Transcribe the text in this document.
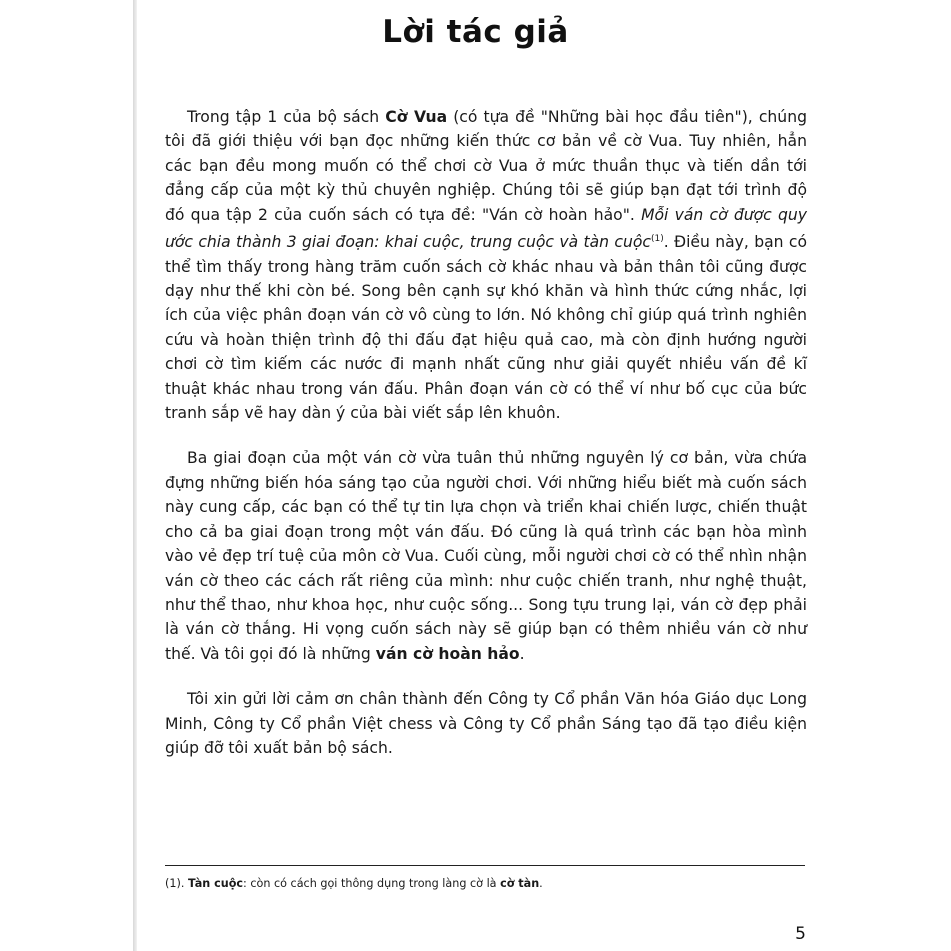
Lời tác giả

Trong tập 1 của bộ sách Cờ Vua (có tựa đề "Những bài học đầu tiên"), chúng tôi đã giới thiệu với bạn đọc những kiến thức cơ bản về cờ Vua. Tuy nhiên, hẳn các bạn đều mong muốn có thể chơi cờ Vua ở mức thuần thục và tiến dần tới đẳng cấp của một kỳ thủ chuyên nghiệp. Chúng tôi sẽ giúp bạn đạt tới trình độ đó qua tập 2 của cuốn sách có tựa đề: "Ván cờ hoàn hảo". Mỗi ván cờ được quy ước chia thành 3 giai đoạn: khai cuộc, trung cuộc và tàn cuộc$^{(1)}$. Điều này, bạn có thể tìm thấy trong hàng trăm cuốn sách cờ khác nhau và bản thân tôi cũng được dạy như thế khi còn bé. Song bên cạnh sự khó khăn và hình thức cứng nhắc, lợi ích của việc phân đoạn ván cờ vô cùng to lớn. Nó không chỉ giúp quá trình nghiên cứu và hoàn thiện trình độ thi đấu đạt hiệu quả cao, mà còn định hướng người chơi cờ tìm kiếm các nước đi mạnh nhất cũng như giải quyết nhiều vấn đề kĩ thuật khác nhau trong ván đấu. Phân đoạn ván cờ có thể ví như bố cục của bức tranh sắp vẽ hay dàn ý của bài viết sắp lên khuôn.

Ba giai đoạn của một ván cờ vừa tuân thủ những nguyên lý cơ bản, vừa chứa đựng những biến hóa sáng tạo của người chơi. Với những hiểu biết mà cuốn sách này cung cấp, các bạn có thể tự tin lựa chọn và triển khai chiến lược, chiến thuật cho cả ba giai đoạn trong một ván đấu. Đó cũng là quá trình các bạn hòa mình vào vẻ đẹp trí tuệ của môn cờ Vua. Cuối cùng, mỗi người chơi cờ có thể nhìn nhận ván cờ theo các cách rất riêng của mình: như cuộc chiến tranh, như nghệ thuật, như thể thao, như khoa học, như cuộc sống... Song tựu trung lại, ván cờ đẹp phải là ván cờ thắng. Hi vọng cuốn sách này sẽ giúp bạn có thêm nhiều ván cờ như thế. Và tôi gọi đó là những ván cờ hoàn hảo.

Tôi xin gửi lời cảm ơn chân thành đến Công ty Cổ phần Văn hóa Giáo dục Long Minh, Công ty Cổ phần Việt chess và Công ty Cổ phần Sáng tạo đã tạo điều kiện giúp đỡ tôi xuất bản bộ sách.

(1). Tàn cuộc: còn có cách gọi thông dụng trong làng cờ là cờ tàn.
5
